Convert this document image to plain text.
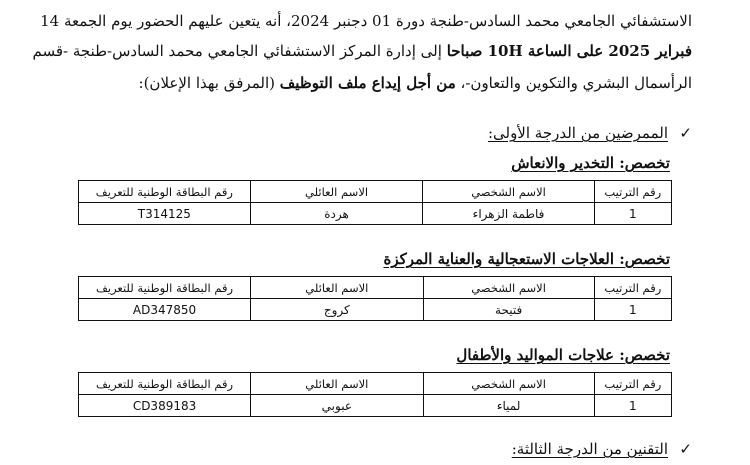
الاستشفائي الجامعي محمد السادس-طنجة دورة 01 دجنبر 2024، أنه يتعين عليهم الحضور يوم الجمعة 14
فبراير 2025 على الساعة 10H صباحا إلى إدارة المركز الاستشفائي الجامعي محمد السادس-طنجة -قسم
الرأسمال البشري والتكوين والتعاون-، من أجل إيداع ملف التوظيف (المرفق بهذا الإعلان):
✓
الممرضين من الدرجة الأولى:
تخصص: التخدير والانعاش
رقم الترتيب	الاسم الشخصي	الاسم العائلي	رقم البطاقة الوطنية للتعريف
1	فاطمة الزهراء	هردة	T314125
تخصص: العلاجات الاستعجالية والعناية المركزة
رقم الترتيب	الاسم الشخصي	الاسم العائلي	رقم البطاقة الوطنية للتعريف
1	فتيحة	كروج	AD347850
تخصص: علاجات المواليد والأطفال
رقم الترتيب	الاسم الشخصي	الاسم العائلي	رقم البطاقة الوطنية للتعريف
1	لمياء	عبوبي	CD389183
✓
التقنين من الدرجة الثالثة:
